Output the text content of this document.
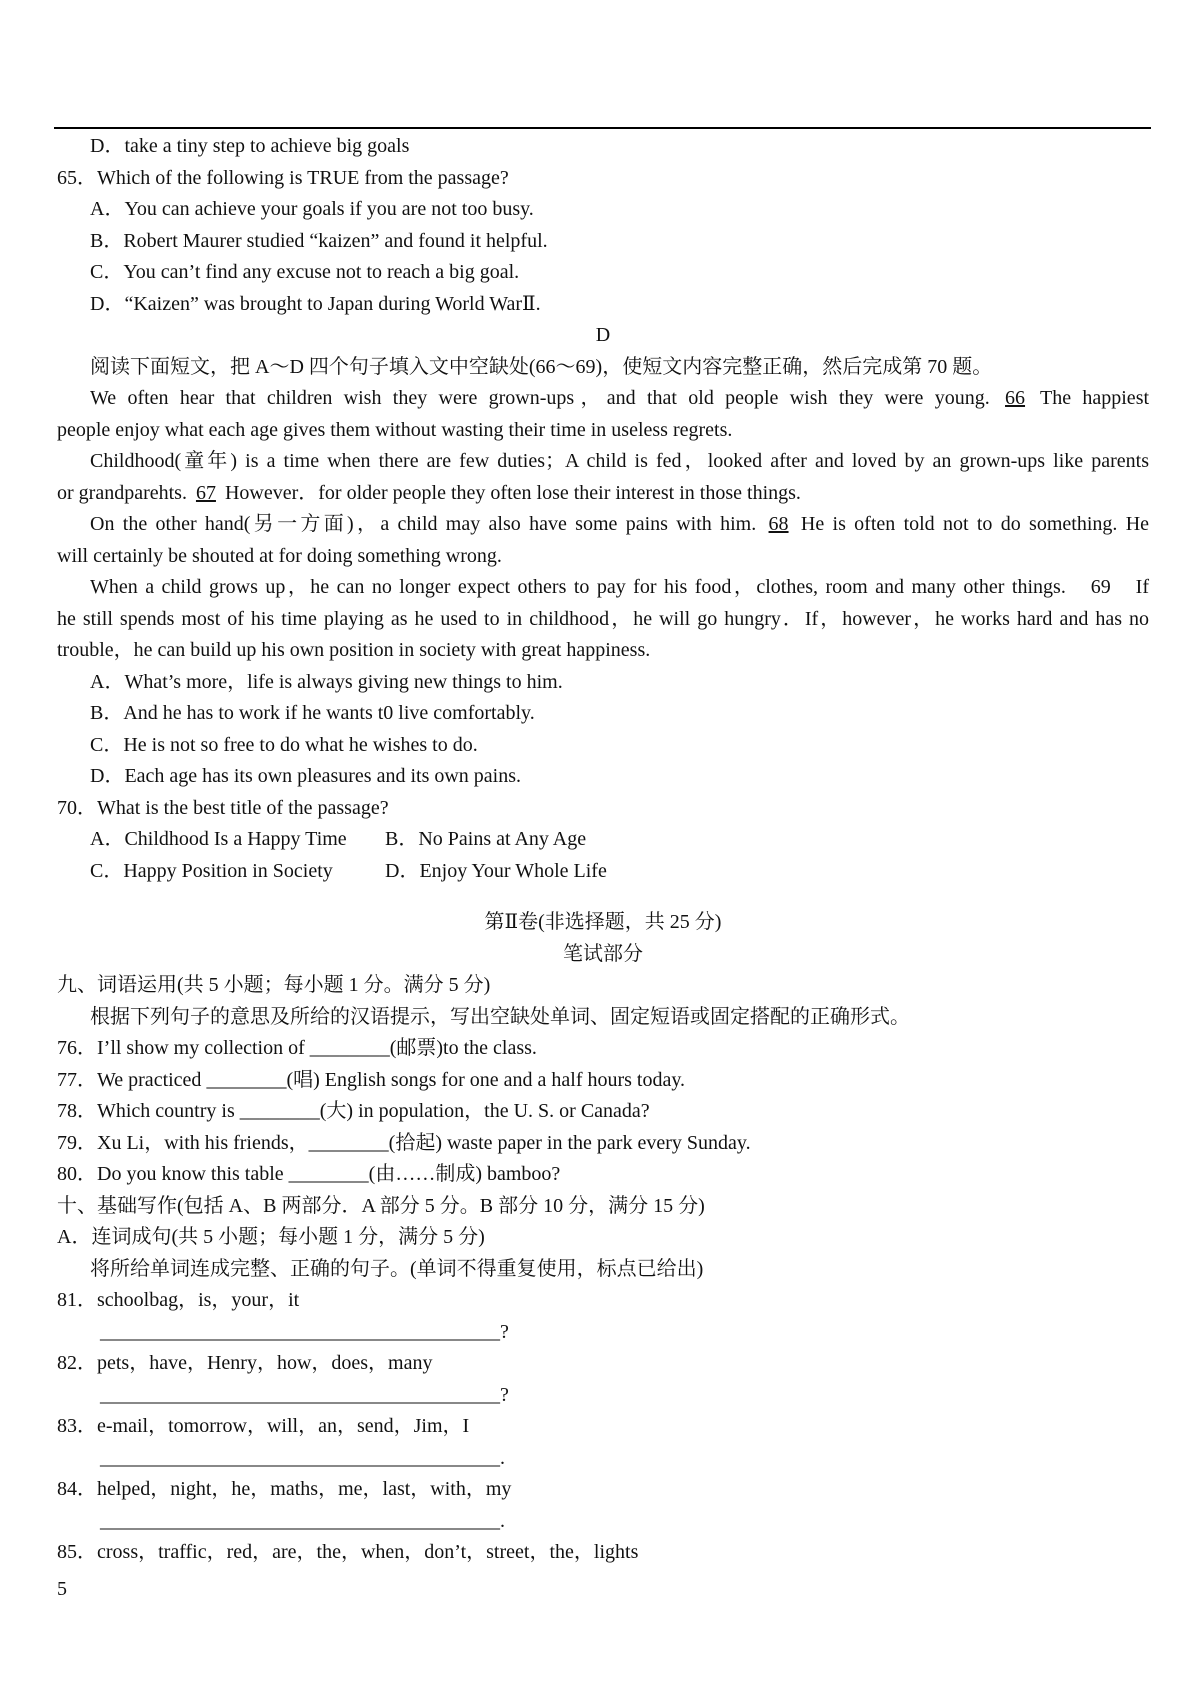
D．take a tiny step to achieve big goals
65．Which of the following is TRUE from the passage?
A．You can achieve your goals if you are not too busy.
B．Robert Maurer studied “kaizen” and found it helpful.
C．You can’t find any excuse not to reach a big goal.
D．“Kaizen” was brought to Japan during World WarⅡ.
D
阅读下面短文，把 A～D 四个句子填入文中空缺处(66～69)，使短文内容完整正确，然后完成第 70 题。
We often hear that children wish they were grown-ups，and that old people wish they were young. 66 The happiest
people enjoy what each age gives them without wasting their time in useless regrets.
Childhood(童年) is a time when there are few duties；A child is fed，looked after and loved by an grown-ups like parents
or grandparehts. 67 However．for older people they often lose their interest in those things.
On the other hand(另一方面)，a child may also have some pains with him. 68 He is often told not to do something. He
will certainly be shouted at for doing something wrong.
When a child grows up，he can no longer expect others to pay for his food，clothes, room and many other things.　69　If
he still spends most of his time playing as he used to in childhood，he will go hungry．If，however，he works hard and has no
trouble，he can build up his own position in society with great happiness.
A．What’s more，life is always giving new things to him.
B．And he has to work if he wants t0 live comfortably.
C．He is not so free to do what he wishes to do.
D．Each age has its own pleasures and its own pains.
70．What is the best title of the passage?
A．Childhood Is a Happy Time B．No Pains at Any Age
C．Happy Position in Society	D．Enjoy Your Whole Life
第Ⅱ卷(非选择题，共 25 分)
笔试部分
九、词语运用(共 5 小题；每小题 1 分。满分 5 分)
根据下列句子的意思及所给的汉语提示，写出空缺处单词、固定短语或固定搭配的正确形式。
76．I’ll show my collection of ________(邮票)to the class.
77．We practiced ________(唱) English songs for one and a half hours today.
78．Which country is ________(大) in population，the U. S. or Canada?
79．Xu Li，with his friends，________(拾起) waste paper in the park every Sunday.
80．Do you know this table ________(由……制成) bamboo?
十、基础写作(包括 A、B 两部分．A 部分 5 分。B 部分 10 分，满分 15 分)
A．连词成句(共 5 小题；每小题 1 分，满分 5 分)
将所给单词连成完整、正确的句子。(单词不得重复使用，标点已给出)
81．schoolbag，is，your，it
________________________________________?
82．pets，have，Henry，how，does，many
________________________________________?
83．e-mail，tomorrow，will，an，send，Jim，I
________________________________________.
84．helped，night，he，maths，me，last，with，my
________________________________________.
85．cross，traffic，red，are，the，when，don’t，street，the，lights
5
